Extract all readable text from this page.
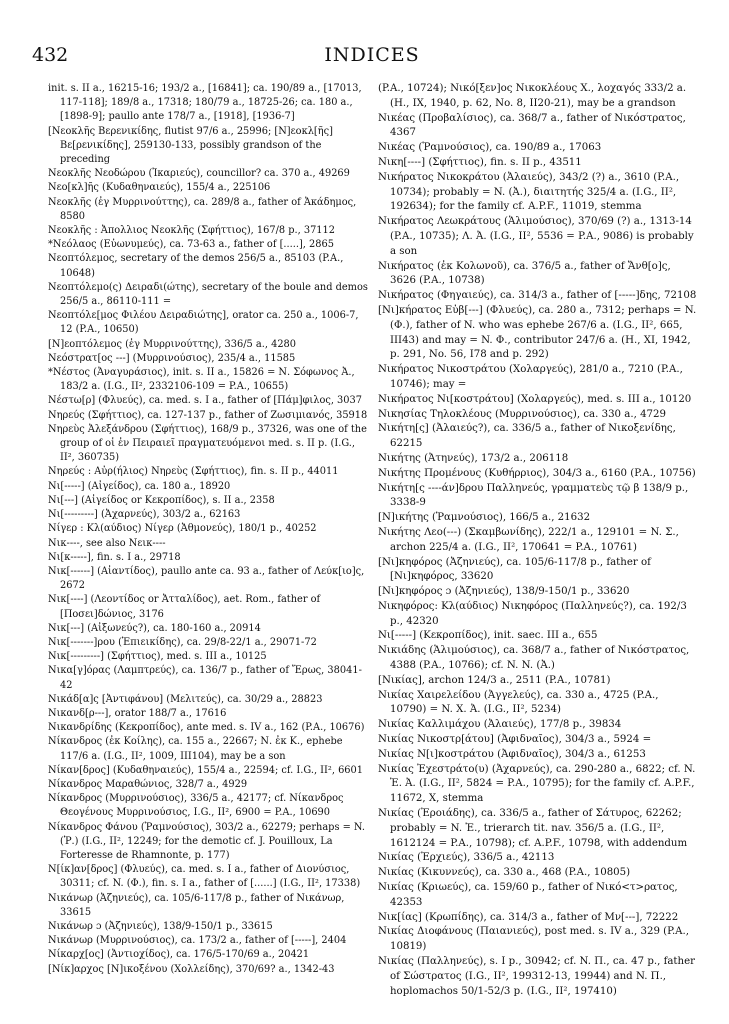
432	INDICES

init. s. II a., 16215-16; 193/2 a., [16841]; ca. 190/89 a., [17013, 117-118]; 189/8 a., 17318; 180/79 a., 18725-26; ca. 180 a., [1898-9]; paullo ante 178/7 a., [1918], [1936-7]

[Νεοκλῆς Βερενικίδης, flutist 97/6 a., 25996; [Ν]εοκλ[ῆς] Βε[ρενικίδης], 259130-133, possibly grandson of the preceding

Νεοκλῆς Νεοδώρου (Ἰκαριεύς), councillor? ca. 370 a., 49269

Νεο[κλ]ῆς (Κυδαθηναιεύς), 155/4 a., 225106

Νεοκλῆς (ἐγ Μυρρινούττης), ca. 289/8 a., father of Ἀκάδημος, 8580

Νεοκλῆς : Ἀπολλιος Νεοκλῆς (Σφήττιος), 167/8 p., 37112

*Νεόλαος (Εὐωνυμεύς), ca. 73-63 a., father of [.....], 2865

Νεοπτόλεμος, secretary of the demos 256/5 a., 85103 (P.A., 10648)

Νεοπτόλεμο(ς) Δειραδι(ώτης), secretary of the boule and demos 256/5 a., 86110-111 =

Νεοπτόλε[μος Φιλέου Δειραδιώτης], orator ca. 250 a., 1006-7, 12 (P.A., 10650)

[Ν]εοπτόλεμος (ἐγ Μυρρινούττης), 336/5 a., 4280

Νεόστρατ[ος ---] (Μυρρινούσιος), 235/4 a., 11585

*Νέστος (Ἀναγυράσιος), init. s. II a., 15826 = Ν. Σόφωνος Ἀ., 183/2 a. (I.G., II², 2332106-109 = P.A., 10655)

Νέστω[ρ] (Φλυεύς), ca. med. s. I a., father of [Πάμ]φιλος, 3037

Νηρεύς (Σφήττιος), ca. 127-137 p., father of Ζωσιμιανός, 35918

Νηρεὺς Ἀλεξάνδρου (Σφήττιος), 168/9 p., 37326, was one of the group of οἱ ἐν Πειραιεῖ πραγματευόμενοι med. s. II p. (I.G., II², 360735)

Νηρεύς : Αὐρ(ήλιος) Νηρεὺς (Σφήττιος), fin. s. II p., 44011

Νι[-----] (Αἰγείδος), ca. 180 a., 18920

Νι[---] (Αἰγείδος or Κεκροπίδος), s. II a., 2358

Νι[---------] (Ἀχαρνεύς), 303/2 a., 62163

Νίγερ : Κλ(αύδιος) Νίγερ (Ἀθμονεύς), 180/1 p., 40252

Νικ----, see also Νεικ----

Νι[κ-----], fin. s. I a., 29718

Νικ[------] (Αἰαντίδος), paullo ante ca. 93 a., father of Λεύκ[ιο]ς, 2672

Νικ[----] (Λεοντίδος or Ἀτταλίδος), aet. Rom., father of [Ποσει]δώνιος, 3176

Νικ[---] (Αἰξωνεύς?), ca. 180-160 a., 20914

Νικ[-------]ρου (Ἐπιεικίδης), ca. 29/8-22/1 a., 29071-72

Νικ[---------] (Σφήττιος), med. s. III a., 10125

Νικα[γ]όρας (Λαμπτρεύς), ca. 136/7 p., father of Ἔρως, 38041-42

Νικάδ[α]ς [Ἀντιφάνου] (Μελιτεύς), ca. 30/29 a., 28823

Νικανδ[ρ---], orator 188/7 a., 17616

Νικανδρίδης (Κεκροπίδος), ante med. s. IV a., 162 (P.A., 10676)

Νίκανδρος (ἐκ Κοίλης), ca. 155 a., 22667; Ν. ἐκ Κ., ephebe 117/6 a. (I.G., II², 1009, III104), may be a son

Νίκαν[δρος] (Κυδαθηναιεύς), 155/4 a., 22594; cf. I.G., II², 6601

Νίκανδρος Μαραθώνιος, 328/7 a., 4929

Νίκανδρος (Μυρρινούσιος), 336/5 a., 42177; cf. Νίκανδρος Θεογένους Μυρρινούσιος, I.G., II², 6900 = P.A., 10690

Νίκανδρος Φάνου (Ῥαμνούσιος), 303/2 a., 62279; perhaps = N. (Ῥ.) (I.G., II², 12249; for the demotic cf. J. Pouilloux, La Forteresse de Rhamnonte, p. 177)

Ν[ίκ]αν[δρος] (Φλυεύς), ca. med. s. I a., father of Διονύσιος, 30311; cf. N. (Φ.), fin. s. I a., father of [......] (I.G., II², 17338)

Νικάνωρ (Ἀζηνιεύς), ca. 105/6-117/8 p., father of Νικάνωρ, 33615

Νικάνωρ ɔ (Ἀζηνιεύς), 138/9-150/1 p., 33615

Νικάνωρ (Μυρρινούσιος), ca. 173/2 a., father of [-----], 2404

Νίκαρχ[ος] (Ἀντιοχίδος), ca. 176/5-170/69 a., 20421

[Νίκ]αρχος [Ν]ικοξένου (Χολλείδης), 370/69? a., 1342-43

(P.A., 10724); Νικό[ξεν]ος Νικοκλέους Χ., λοχαγός 333/2 a. (H., IX, 1940, p. 62, No. 8, II20-21), may be a grandson

Νικέας (Προβαλίσιος), ca. 368/7 a., father of Νικόστρατος, 4367

Νικέας (Ῥαμνούσιος), ca. 190/89 a., 17063

Νικη[----] (Σφήττιος), fin. s. II p., 43511

Νικήρατος Νικοκράτου (Ἀλαιεύς), 343/2 (?) a., 3610 (P.A., 10734); probably = N. (Ἀ.), διαιτητής 325/4 a. (I.G., II², 192634); for the family cf. A.P.F., 11019, stemma

Νικήρατος Λεωκράτους (Ἁλιμούσιος), 370/69 (?) a., 1313-14 (P.A., 10735); Λ. Ἀ. (I.G., II², 5536 = P.A., 9086) is probably a son

Νικήρατος (ἐκ Κολωνοῦ), ca. 376/5 a., father of Ἄνθ[ο]ς, 3626 (P.A., 10738)

Νικήρατος (Φηγαιεύς), ca. 314/3 a., father of [-----]δης, 72108

[Νι]κήρατος Εὐβ[---] (Φλυεύς), ca. 280 a., 7312; perhaps = N. (Φ.), father of N. who was ephebe 267/6 a. (I.G., II², 665, III43) and may = N. Φ., contributor 247/6 a. (H., XI, 1942, p. 291, No. 56, I78 and p. 292)

Νικήρατος Νικοστράτου (Χολαργεύς), 281/0 a., 7210 (P.A., 10746); may =

Νικήρατος Νι[κοστράτου] (Χολαργεύς), med. s. III a., 10120

Νικησίας Τηλοκλέους (Μυρρινούσιος), ca. 330 a., 4729

Νικήτη[ς] (Ἀλαιεύς?), ca. 336/5 a., father of Νικοξενίδης, 62215

Νικήτης (Ἀτηνεύς), 173/2 a., 206118

Νικήτης Προμένους (Κυθήρριος), 304/3 a., 6160 (P.A., 10756)

Νικήτη[ς ----άν]δρου Παλληνεύς, γραμματεὺς τῷ β 138/9 p., 3338-9

[Ν]ικήτης (Ῥαμνούσιος), 166/5 a., 21632

Νικήτης Λεο(---) (Σκαμβωνίδης), 222/1 a., 129101 = N. Σ., archon 225/4 a. (I.G., II², 170641 = P.A., 10761)

[Νι]κηφόρος (Ἀζηνιεύς), ca. 105/6-117/8 p., father of [Νι]κηφόρος, 33620

[Νι]κηφόρος ɔ (Ἀζηνιεύς), 138/9-150/1 p., 33620

Νικηφόρος: Κλ(αύδιος) Νικηφόρος (Παλληνεύς?), ca. 192/3 p., 42320

Νι[-----] (Κεκροπίδος), init. saec. III a., 655

Νικιάδης (Ἁλιμούσιος), ca. 368/7 a., father of Νικόστρατος, 4388 (P.A., 10766); cf. N. N. (Ἀ.)

[Νικίας], archon 124/3 a., 2511 (P.A., 10781)

Νικίας Χαιρελείδου (Ἀγγελεύς), ca. 330 a., 4725 (P.A., 10790) = N. X. Ἀ. (I.G., II², 5234)

Νικίας Καλλιμάχου (Ἀλαιεύς), 177/8 p., 39834

Νικίας Νικοστρ[άτου] (Ἀφιδναῖος), 304/3 a., 5924 =

Νικίας Ν[ι]κοστράτου (Ἀφιδναῖος), 304/3 a., 61253

Νικίας Ἐχεστράτο(υ) (Ἀχαρνεύς), ca. 290-280 a., 6822; cf. N. Ἐ. Ἀ. (I.G., II², 5824 = P.A., 10795); for the family cf. A.P.F., 11672, X, stemma

Νικίας (Ἐροιάδης), ca. 336/5 a., father of Σάτυρος, 62262; probably = N. Ἐ., trierarch tit. nav. 356/5 a. (I.G., II², 1612124 = P.A., 10798); cf. A.P.F., 10798, with addendum

Νικίας (Ἐρχιεύς), 336/5 a., 42113

Νικίας (Κικυννεύς), ca. 330 a., 468 (P.A., 10805)

Νικίας (Κριωεύς), ca. 159/60 p., father of Νικό<τ>ρατος, 42353

Νικ[ίας] (Κρωπίδης), ca. 314/3 a., father of Μν[---], 72222

Νικίας Διοφάνους (Παιανιεύς), post med. s. IV a., 329 (P.A., 10819)

Νικίας (Παλληνεύς), s. I p., 30942; cf. N. Π., ca. 47 p., father of Σώστρατος (I.G., II², 199312-13, 19944) and N. Π., hoplomachos 50/1-52/3 p. (I.G., II², 197410)
